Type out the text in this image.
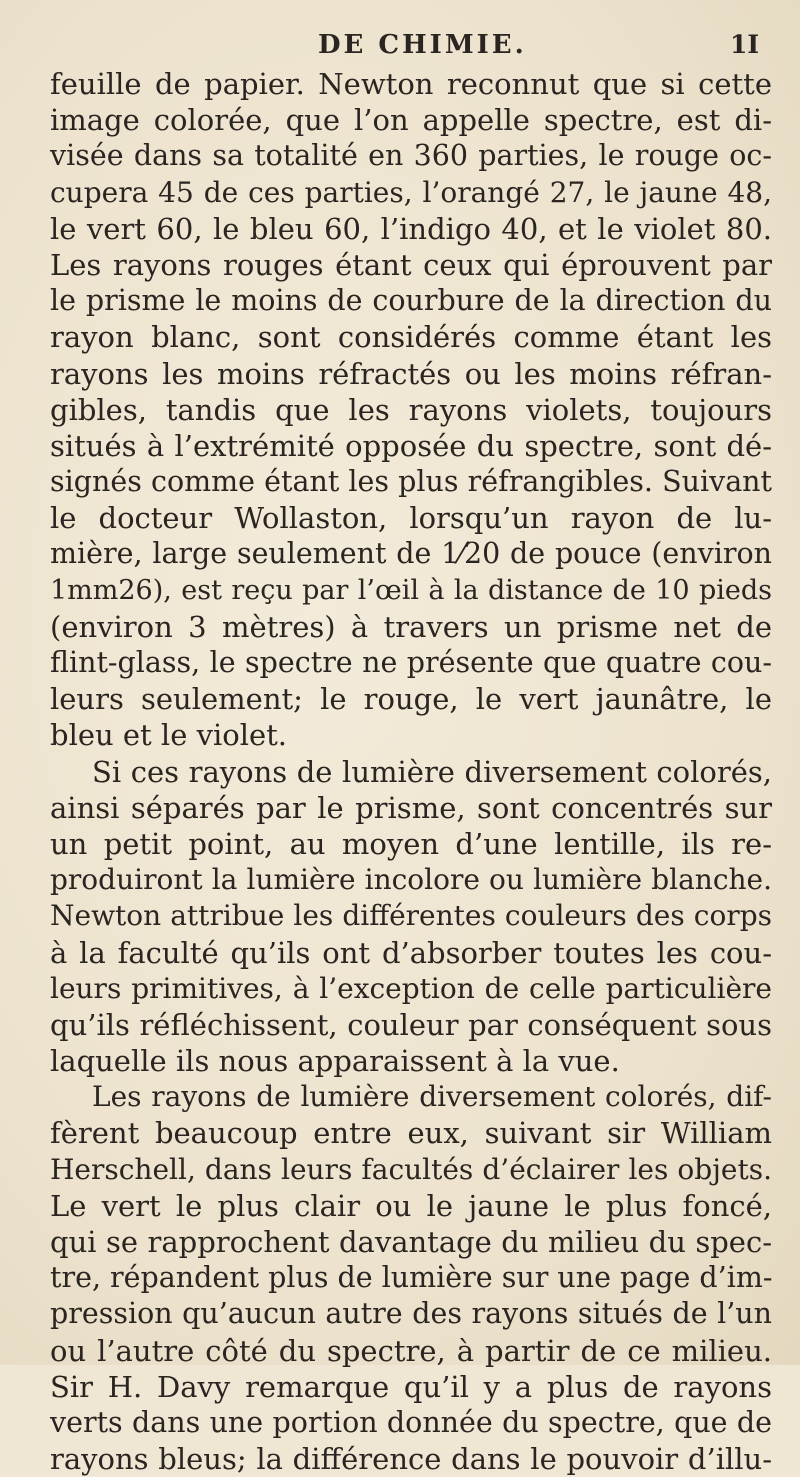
DE CHIMIE.	1I
feuille de papier. Newton reconnut que si cette
image colorée, que l’on appelle spectre, est di-
visée dans sa totalité en 360 parties, le rouge oc-
cupera 45 de ces parties, l’orangé 27, le jaune 48,
le vert 60, le bleu 60, l’indigo 40, et le violet 80.
Les rayons rouges étant ceux qui éprouvent par
le prisme le moins de courbure de la direction du
rayon blanc, sont considérés comme étant les
rayons les moins réfractés ou les moins réfran-
gibles, tandis que les rayons violets, toujours
situés à l’extrémité opposée du spectre, sont dé-
signés comme étant les plus réfrangibles. Suivant
le docteur Wollaston, lorsqu’un rayon de lu-
mière, large seulement de 1⁄20 de pouce (environ
1mm26), est reçu par l’œil à la distance de 10 pieds
(environ 3 mètres) à travers un prisme net de
flint-glass, le spectre ne présente que quatre cou-
leurs seulement; le rouge, le vert jaunâtre, le
bleu et le violet.
Si ces rayons de lumière diversement colorés,
ainsi séparés par le prisme, sont concentrés sur
un petit point, au moyen d’une lentille, ils re-
produiront la lumière incolore ou lumière blanche.
Newton attribue les différentes couleurs des corps
à la faculté qu’ils ont d’absorber toutes les cou-
leurs primitives, à l’exception de celle particulière
qu’ils réfléchissent, couleur par conséquent sous
laquelle ils nous apparaissent à la vue.
Les rayons de lumière diversement colorés, dif-
fèrent beaucoup entre eux, suivant sir William
Herschell, dans leurs facultés d’éclairer les objets.
Le vert le plus clair ou le jaune le plus foncé,
qui se rapprochent davantage du milieu du spec-
tre, répandent plus de lumière sur une page d’im-
pression qu’aucun autre des rayons situés de l’un
ou l’autre côté du spectre, à partir de ce milieu.
Sir H. Davy remarque qu’il y a plus de rayons
verts dans une portion donnée du spectre, que de
rayons bleus; la différence dans le pouvoir d’illu-
